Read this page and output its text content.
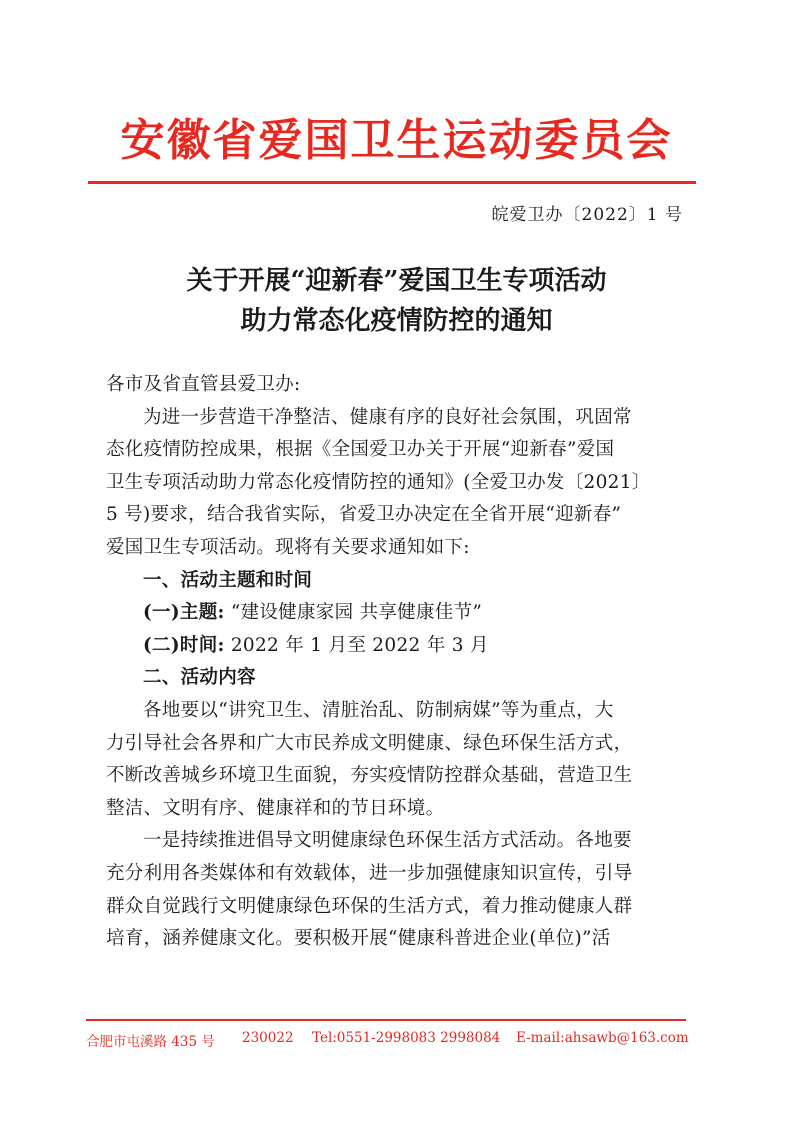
安徽省爱国卫生运动委员会
皖爱卫办〔2022〕1 号
关于开展“迎新春”爱国卫生专项活动
助力常态化疫情防控的通知

各市及省直管县爱卫办:

为进一步营造干净整洁、健康有序的良好社会氛围，巩固常

态化疫情防控成果，根据《全国爱卫办关于开展“迎新春”爱国

卫生专项活动助力常态化疫情防控的通知》(全爱卫办发〔2021〕

5 号)要求，结合我省实际，省爱卫办决定在全省开展“迎新春”

爱国卫生专项活动。现将有关要求通知如下:

一、活动主题和时间

(一)主题: “建设健康家园 共享健康佳节”

(二)时间: 2022 年 1 月至 2022 年 3 月

二、活动内容

各地要以“讲究卫生、清脏治乱、防制病媒”等为重点，大

力引导社会各界和广大市民养成文明健康、绿色环保生活方式，

不断改善城乡环境卫生面貌，夯实疫情防控群众基础，营造卫生

整洁、文明有序、健康祥和的节日环境。

一是持续推进倡导文明健康绿色环保生活方式活动。各地要

充分利用各类媒体和有效载体，进一步加强健康知识宣传，引导

群众自觉践行文明健康绿色环保的生活方式，着力推动健康人群

培育，涵养健康文化。要积极开展“健康科普进企业(单位)”活

合肥市屯溪路 435 号 230022 Tel:0551-2998083 2998084 E-mail:ahsawb@163.com
